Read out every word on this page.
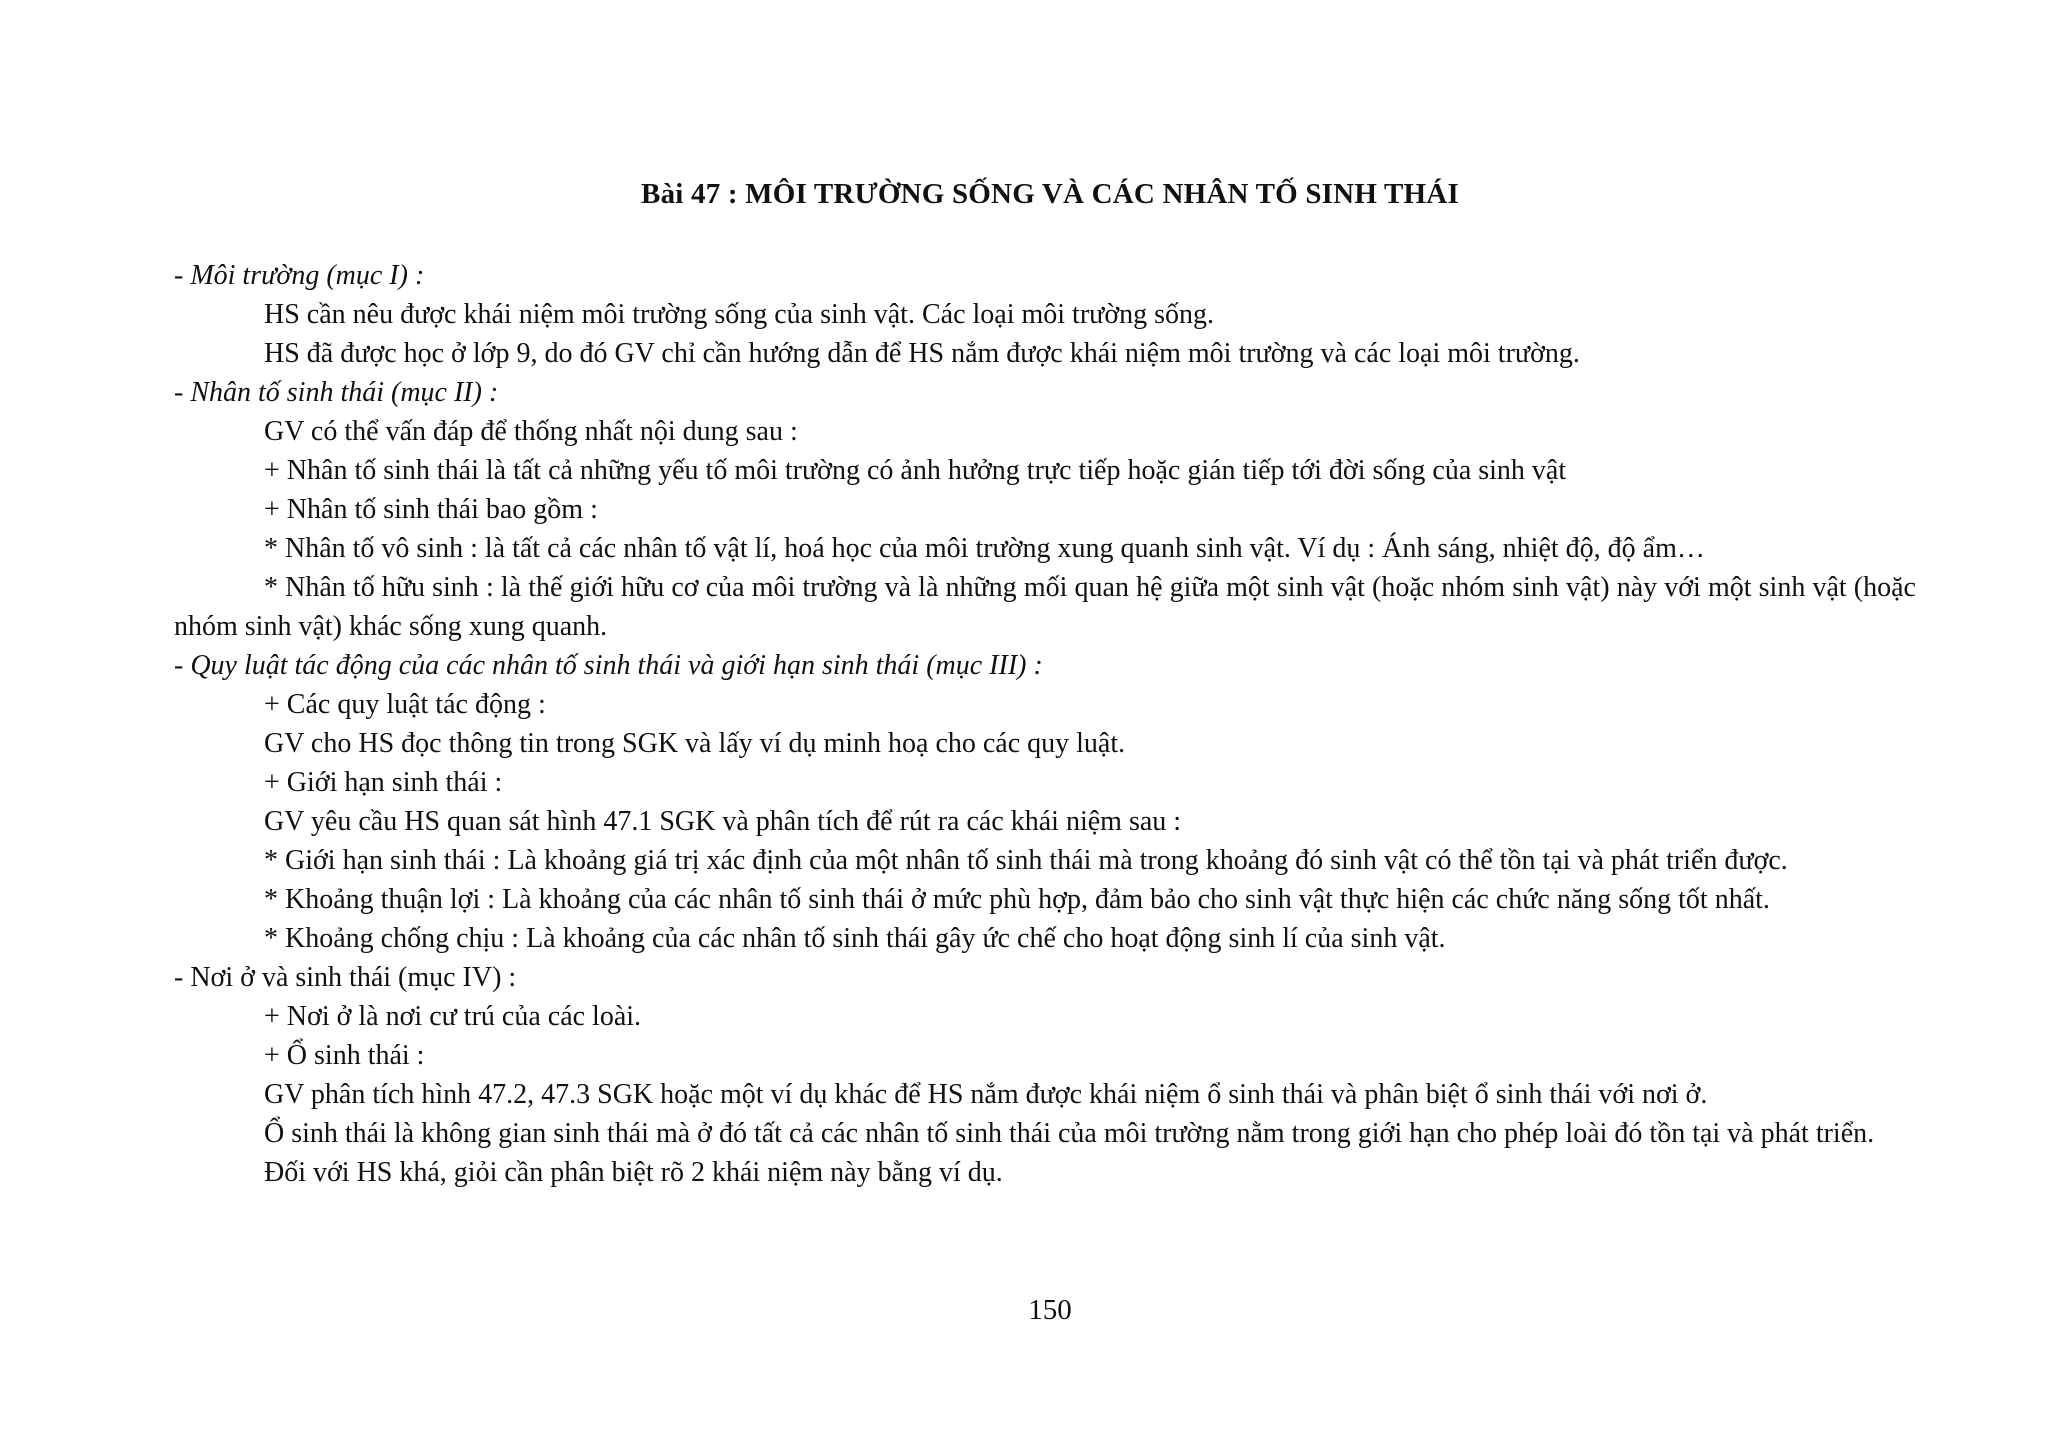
Bài 47 : MÔI TRƯỜNG SỐNG VÀ CÁC NHÂN TỐ SINH THÁI

- Môi trường (mục I) :

HS cần nêu được khái niệm môi trường sống của sinh vật. Các loại môi trường sống.

HS đã được học ở lớp 9, do đó GV chỉ cần hướng dẫn để HS nắm được khái niệm môi trường và các loại môi trường.

- Nhân tố sinh thái (mục II) :

GV có thể vấn đáp để thống nhất nội dung sau :

+ Nhân tố sinh thái là tất cả những yếu tố môi trường có ảnh hưởng trực tiếp hoặc gián tiếp tới đời sống của sinh vật

+ Nhân tố sinh thái bao gồm :

* Nhân tố vô sinh : là tất cả các nhân tố vật lí, hoá học của môi trường xung quanh sinh vật. Ví dụ : Ánh sáng, nhiệt độ, độ ẩm…

* Nhân tố hữu sinh : là thế giới hữu cơ của môi trường và là những mối quan hệ giữa một sinh vật (hoặc nhóm sinh vật) này với một sinh vật (hoặc nhóm sinh vật) khác sống xung quanh.

- Quy luật tác động của các nhân tố sinh thái và giới hạn sinh thái (mục III) :

+ Các quy luật tác động :

GV cho HS đọc thông tin trong SGK và lấy ví dụ minh hoạ cho các quy luật.

+ Giới hạn sinh thái :

GV yêu cầu HS quan sát hình 47.1 SGK và phân tích để rút ra các khái niệm sau :

* Giới hạn sinh thái : Là khoảng giá trị xác định của một nhân tố sinh thái mà trong khoảng đó sinh vật có thể tồn tại và phát triển được.

* Khoảng thuận lợi : Là khoảng của các nhân tố sinh thái ở mức phù hợp, đảm bảo cho sinh vật thực hiện các chức năng sống tốt nhất.

* Khoảng chống chịu : Là khoảng của các nhân tố sinh thái gây ức chế cho hoạt động sinh lí của sinh vật.

- Nơi ở và sinh thái (mục IV) :

+ Nơi ở là nơi cư trú của các loài.

+ Ổ sinh thái :

GV phân tích hình 47.2, 47.3 SGK hoặc một ví dụ khác để HS nắm được khái niệm ổ sinh thái và phân biệt ổ sinh thái với nơi ở.

Ổ sinh thái là không gian sinh thái mà ở đó tất cả các nhân tố sinh thái của môi trường nằm trong giới hạn cho phép loài đó tồn tại và phát triển.

Đối với HS khá, giỏi cần phân biệt rõ 2 khái niệm này bằng ví dụ.

150
